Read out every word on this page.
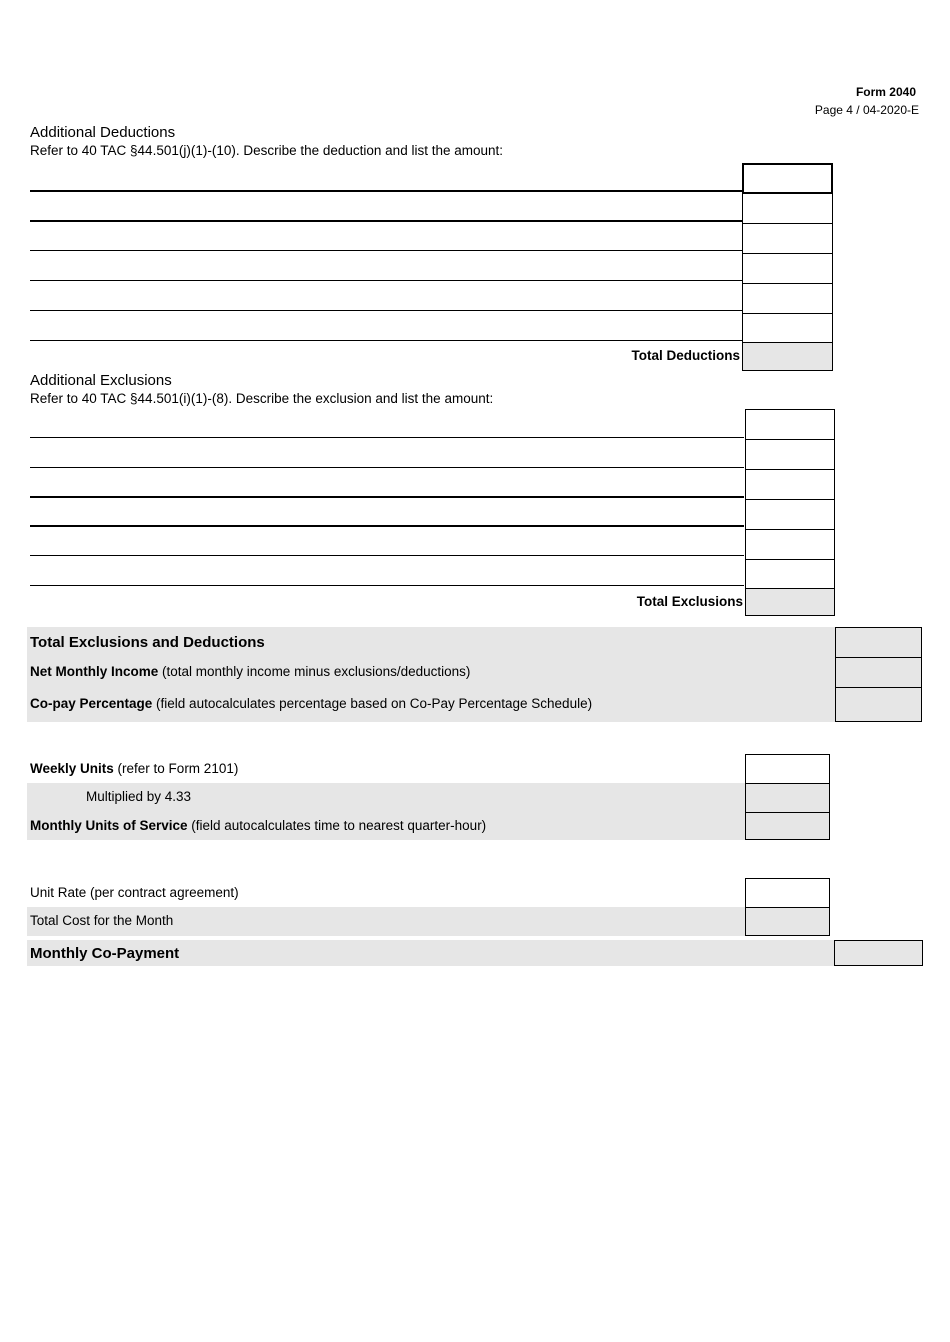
Form 2040
Page 4 / 04-2020-E
Additional Deductions
Refer to 40 TAC §44.501(j)(1)-(10). Describe the deduction and list the amount:
Total Deductions
Additional Exclusions
Refer to 40 TAC §44.501(i)(1)-(8). Describe the exclusion and list the amount:
Total Exclusions
Total Exclusions and Deductions
Net Monthly Income (total monthly income minus exclusions/deductions)
Co-pay Percentage (field autocalculates percentage based on Co-Pay Percentage Schedule)
Weekly Units (refer to Form 2101)
Multiplied by 4.33
Monthly Units of Service (field autocalculates time to nearest quarter-hour)
Unit Rate (per contract agreement)
Total Cost for the Month
Monthly Co-Payment
